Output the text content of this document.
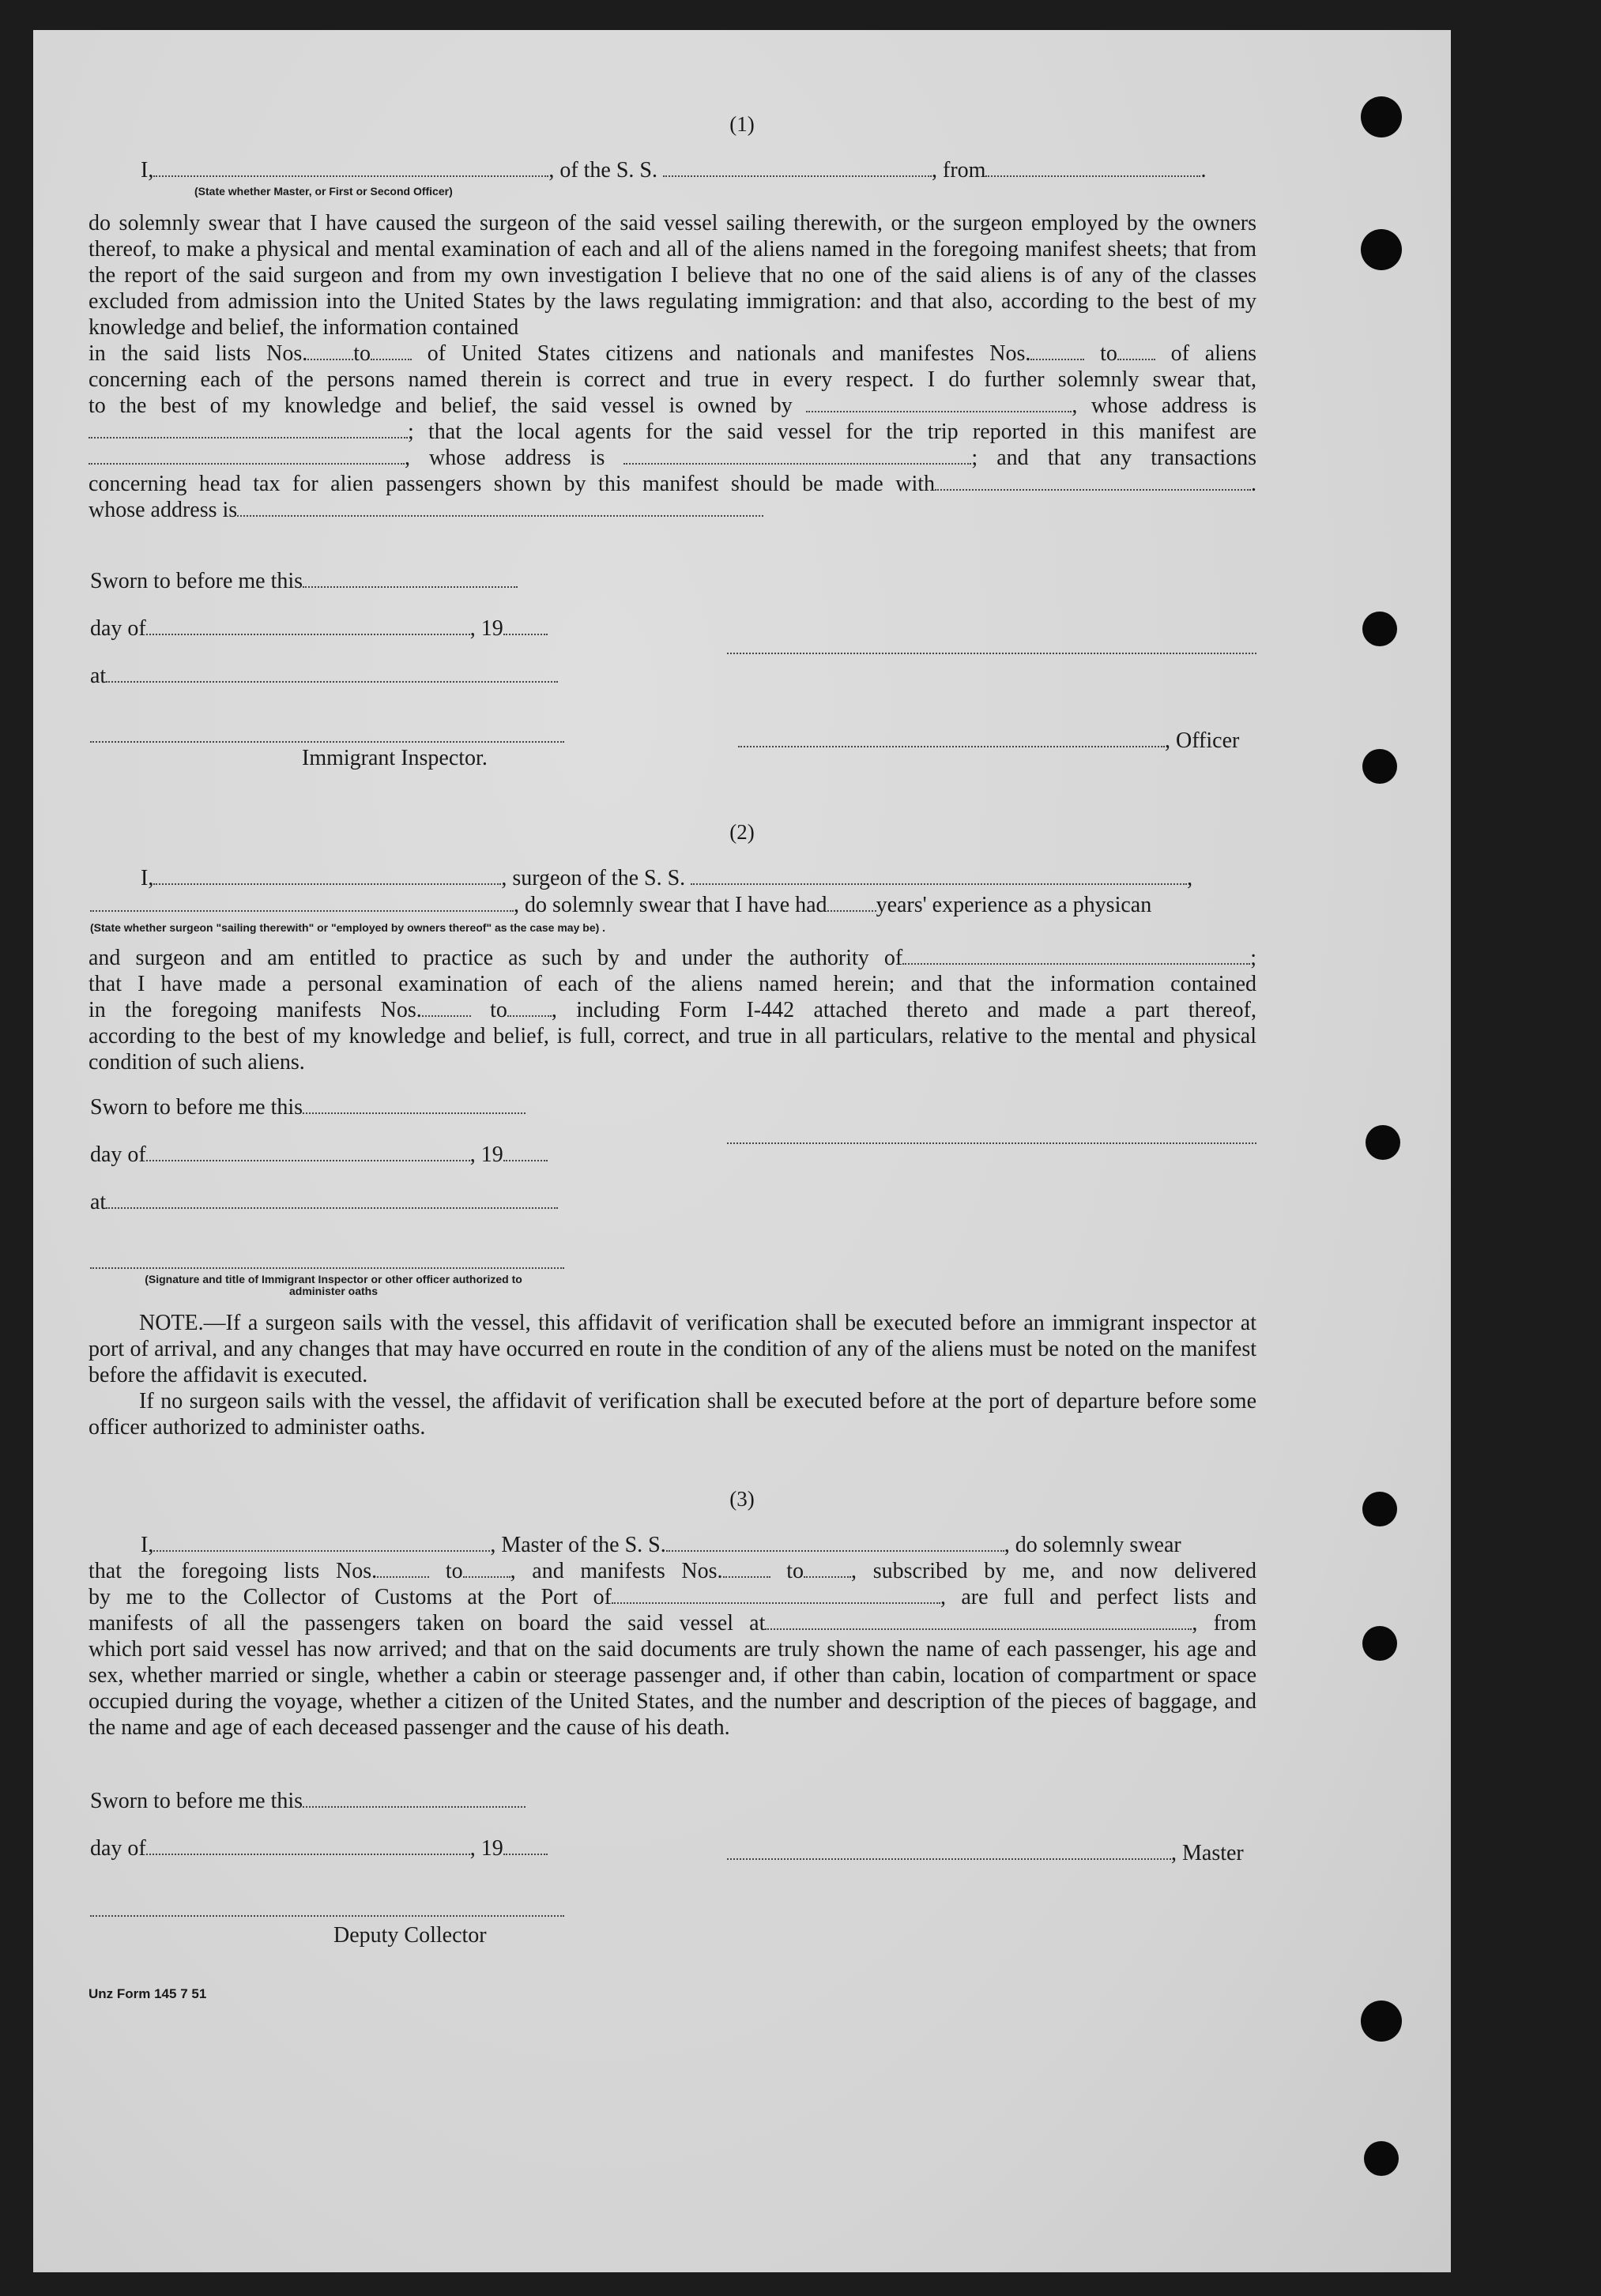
(1)
I,	, of the S. S.	, from	.
(State whether Master, or First or Second Officer)

do solemnly swear that I have caused the surgeon of the said vessel sailing therewith, or the surgeon employed by the owners thereof, to make a physical and mental examination of each and all of the aliens named in the foregoing manifest sheets; that from the report of the said surgeon and from my own investigation I believe that no one of the said aliens is of any of the classes excluded from admission into the United States by the laws regulating immigration: and that also, according to the best of my knowledge and belief, the information contained

in the said lists Nos. to	of United States citizens and nationals and manifestes Nos.	to of aliens

concerning each of the persons named therein is correct and true in every respect. I do further solemnly swear that,

to the best of my knowledge and belief, the said vessel is owned by	, whose address is
; that the local agents for the said vessel for the trip reported in this manifest are
, whose address is	; and that any transactions
concerning head tax for alien passengers shown by this manifest should be made with	.
whose address is
Sworn to before me this
day of	, 19
at
, Officer
Immigrant Inspector.
(2)
I,	, surgeon of the S. S.	,
, do solemnly swear that I have had years' experience as a physican
(State whether surgeon "sailing therewith" or "employed by owners thereof" as the case may be) .
and surgeon and am entitled to practice as such by and under the authority of	;

that I have made a personal examination of each of the aliens named herein; and that the information contained

in the foregoing manifests Nos.	to , including Form I-442 attached thereto and made a part thereof,

according to the best of my knowledge and belief, is full, correct, and true in all particulars, relative to the mental and physical condition of such aliens.

Sworn to before me this
day of	, 19
at
(Signature and title of Immigrant Inspector or other officer authorized to administer oaths

NOTE.—If a surgeon sails with the vessel, this affidavit of verification shall be executed before an immigrant inspector at port of arrival, and any changes that may have occurred en route in the condition of any of the aliens must be noted on the manifest before the affidavit is executed.

If no surgeon sails with the vessel, the affidavit of verification shall be executed before at the port of departure before some officer authorized to administer oaths.

(3)
I,	, Master of the S. S.	, do solemnly swear
that the foregoing lists Nos.	to , and manifests Nos.	to , subscribed by me, and now delivered
by me to the Collector of Customs at the Port of	, are full and perfect lists and
manifests of all the passengers taken on board the said vessel at	, from

which port said vessel has now arrived; and that on the said documents are truly shown the name of each passenger, his age and sex, whether married or single, whether a cabin or steerage passenger and, if other than cabin, location of compartment or space occupied during the voyage, whether a citizen of the United States, and the number and description of the pieces of baggage, and the name and age of each deceased passenger and the cause of his death.

Sworn to before me this
day of	, 19	, Master
Deputy Collector
Unz Form 145 7 51
